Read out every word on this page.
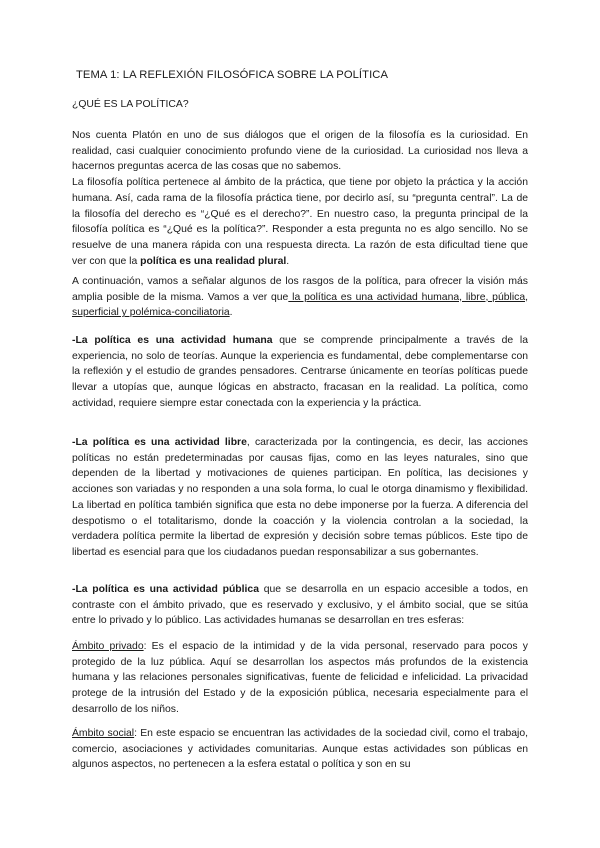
TEMA 1: LA REFLEXIÓN FILOSÓFICA SOBRE LA POLÍTICA
¿QUÉ ES LA POLÍTICA?

Nos cuenta Platón en uno de sus diálogos que el origen de la filosofía es la curiosidad. En realidad, casi cualquier conocimiento profundo viene de la curiosidad. La curiosidad nos lleva a hacernos preguntas acerca de las cosas que no sabemos.

La filosofía política pertenece al ámbito de la práctica, que tiene por objeto la práctica y la acción humana. Así, cada rama de la filosofía práctica tiene, por decirlo así, su “pregunta central”. La de la filosofía del derecho es “¿Qué es el derecho?”. En nuestro caso, la pregunta principal de la filosofía política es “¿Qué es la política?”. Responder a esta pregunta no es algo sencillo. No se resuelve de una manera rápida con una respuesta directa. La razón de esta dificultad tiene que ver con que la política es una realidad plural.

A continuación, vamos a señalar algunos de los rasgos de la política, para ofrecer la visión más amplia posible de la misma. Vamos a ver que la política es una actividad humana, libre, pública, superficial y polémica-conciliatoria.

-La política es una actividad humana que se comprende principalmente a través de la experiencia, no solo de teorías. Aunque la experiencia es fundamental, debe complementarse con la reflexión y el estudio de grandes pensadores. Centrarse únicamente en teorías políticas puede llevar a utopías que, aunque lógicas en abstracto, fracasan en la realidad. La política, como actividad, requiere siempre estar conectada con la experiencia y la práctica.

-La política es una actividad libre, caracterizada por la contingencia, es decir, las acciones políticas no están predeterminadas por causas fijas, como en las leyes naturales, sino que dependen de la libertad y motivaciones de quienes participan. En política, las decisiones y acciones son variadas y no responden a una sola forma, lo cual le otorga dinamismo y flexibilidad. La libertad en política también significa que esta no debe imponerse por la fuerza. A diferencia del despotismo o el totalitarismo, donde la coacción y la violencia controlan a la sociedad, la verdadera política permite la libertad de expresión y decisión sobre temas públicos. Este tipo de libertad es esencial para que los ciudadanos puedan responsabilizar a sus gobernantes.

-La política es una actividad pública que se desarrolla en un espacio accesible a todos, en contraste con el ámbito privado, que es reservado y exclusivo, y el ámbito social, que se sitúa entre lo privado y lo público. Las actividades humanas se desarrollan en tres esferas:

Ámbito privado: Es el espacio de la intimidad y de la vida personal, reservado para pocos y protegido de la luz pública. Aquí se desarrollan los aspectos más profundos de la existencia humana y las relaciones personales significativas, fuente de felicidad e infelicidad. La privacidad protege de la intrusión del Estado y de la exposición pública, necesaria especialmente para el desarrollo de los niños.

Ámbito social: En este espacio se encuentran las actividades de la sociedad civil, como el trabajo, comercio, asociaciones y actividades comunitarias. Aunque estas actividades son públicas en algunos aspectos, no pertenecen a la esfera estatal o política y son en su
